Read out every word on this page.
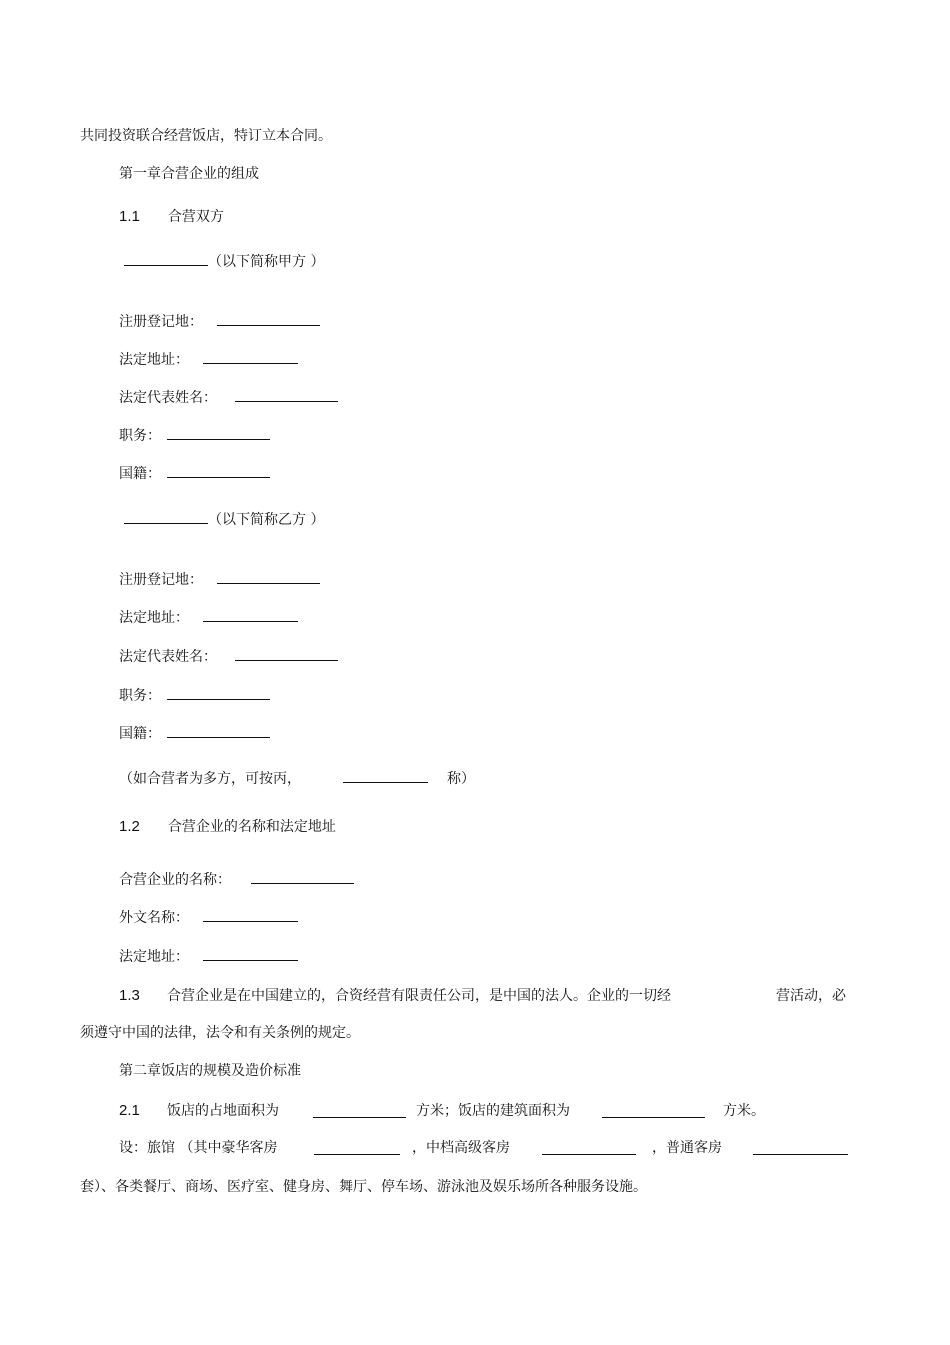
共同投资联合经营饭店，特订立本合同。
第一章合营企业的组成
1.1 合营双方
（以下简称甲方 ）
注册登记地：
法定地址：
法定代表姓名：
职务：
国籍：
（以下简称乙方 ）
注册登记地：
法定地址：
法定代表姓名：
职务：
国籍：
（如合营者为多方，可按丙，	称）
1.2 合营企业的名称和法定地址
合营企业的名称：
外文名称：
法定地址：
1.3 合营企业是在中国建立的，合资经营有限责任公司，是中国的法人。企业的一切经	营活动，必
须遵守中国的法律，法令和有关条例的规定。
第二章饭店的规模及造价标准
2.1 饭店的占地面积为	方米；饭店的建筑面积为	方米。
设：旅馆 （其中豪华客房	，中档高级客房	，普通客房
套）、各类餐厅、商场、医疗室、健身房、舞厅、停车场、游泳池及娱乐场所各种服务设施。
